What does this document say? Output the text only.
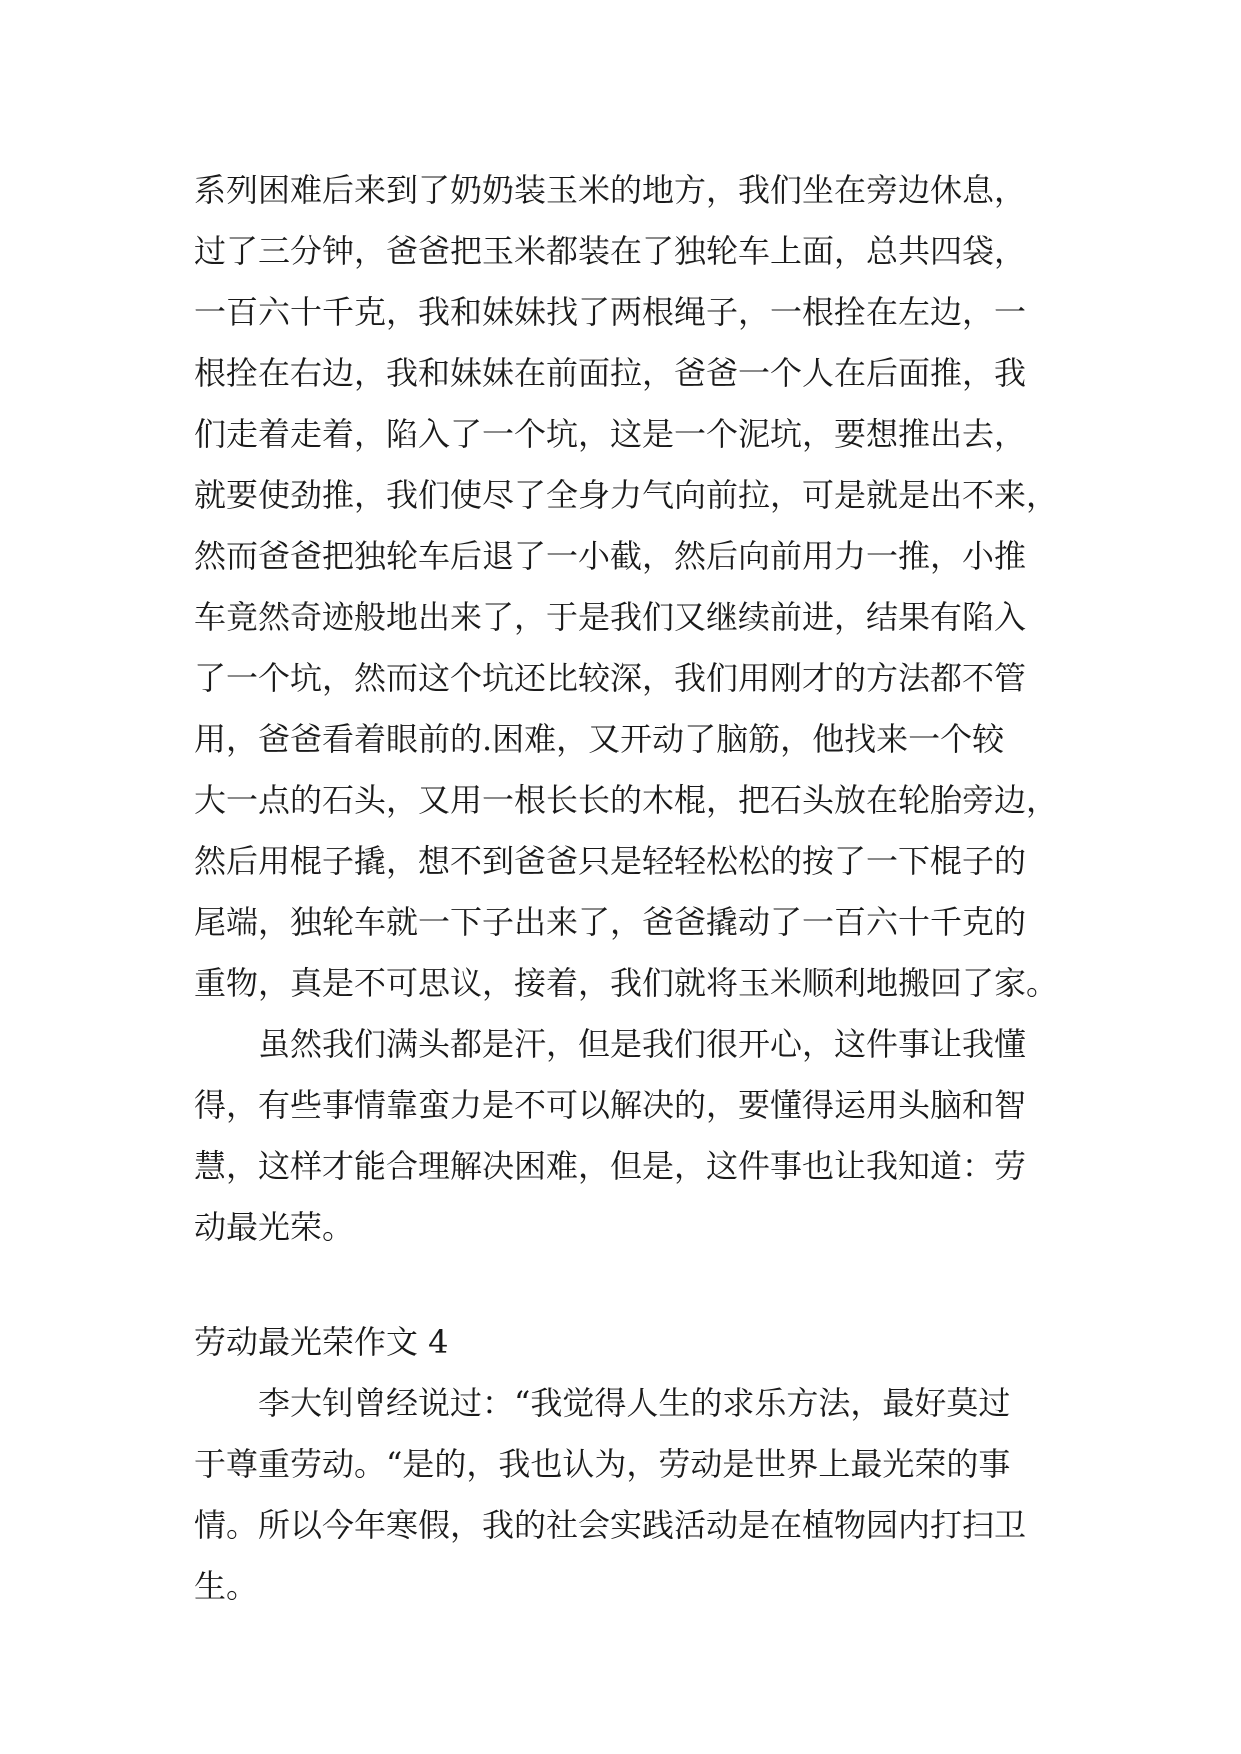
系列困难后来到了奶奶装玉米的地方，我们坐在旁边休息，
过了三分钟，爸爸把玉米都装在了独轮车上面，总共四袋，
一百六十千克，我和妹妹找了两根绳子，一根拴在左边，一
根拴在右边，我和妹妹在前面拉，爸爸一个人在后面推，我
们走着走着，陷入了一个坑，这是一个泥坑，要想推出去，
就要使劲推，我们使尽了全身力气向前拉，可是就是出不来，
然而爸爸把独轮车后退了一小截，然后向前用力一推，小推
车竟然奇迹般地出来了，于是我们又继续前进，结果有陷入
了一个坑，然而这个坑还比较深，我们用刚才的方法都不管
用，爸爸看着眼前的.困难，又开动了脑筋，他找来一个较
大一点的石头，又用一根长长的木棍，把石头放在轮胎旁边，
然后用棍子撬，想不到爸爸只是轻轻松松的按了一下棍子的
尾端，独轮车就一下子出来了，爸爸撬动了一百六十千克的
重物，真是不可思议，接着，我们就将玉米顺利地搬回了家。
　　虽然我们满头都是汗，但是我们很开心，这件事让我懂
得，有些事情靠蛮力是不可以解决的，要懂得运用头脑和智
慧，这样才能合理解决困难，但是，这件事也让我知道：劳
动最光荣。
劳动最光荣作文 4
　　李大钊曾经说过：“我觉得人生的求乐方法，最好莫过
于尊重劳动。“是的，我也认为，劳动是世界上最光荣的事
情。所以今年寒假，我的社会实践活动是在植物园内打扫卫
生。
